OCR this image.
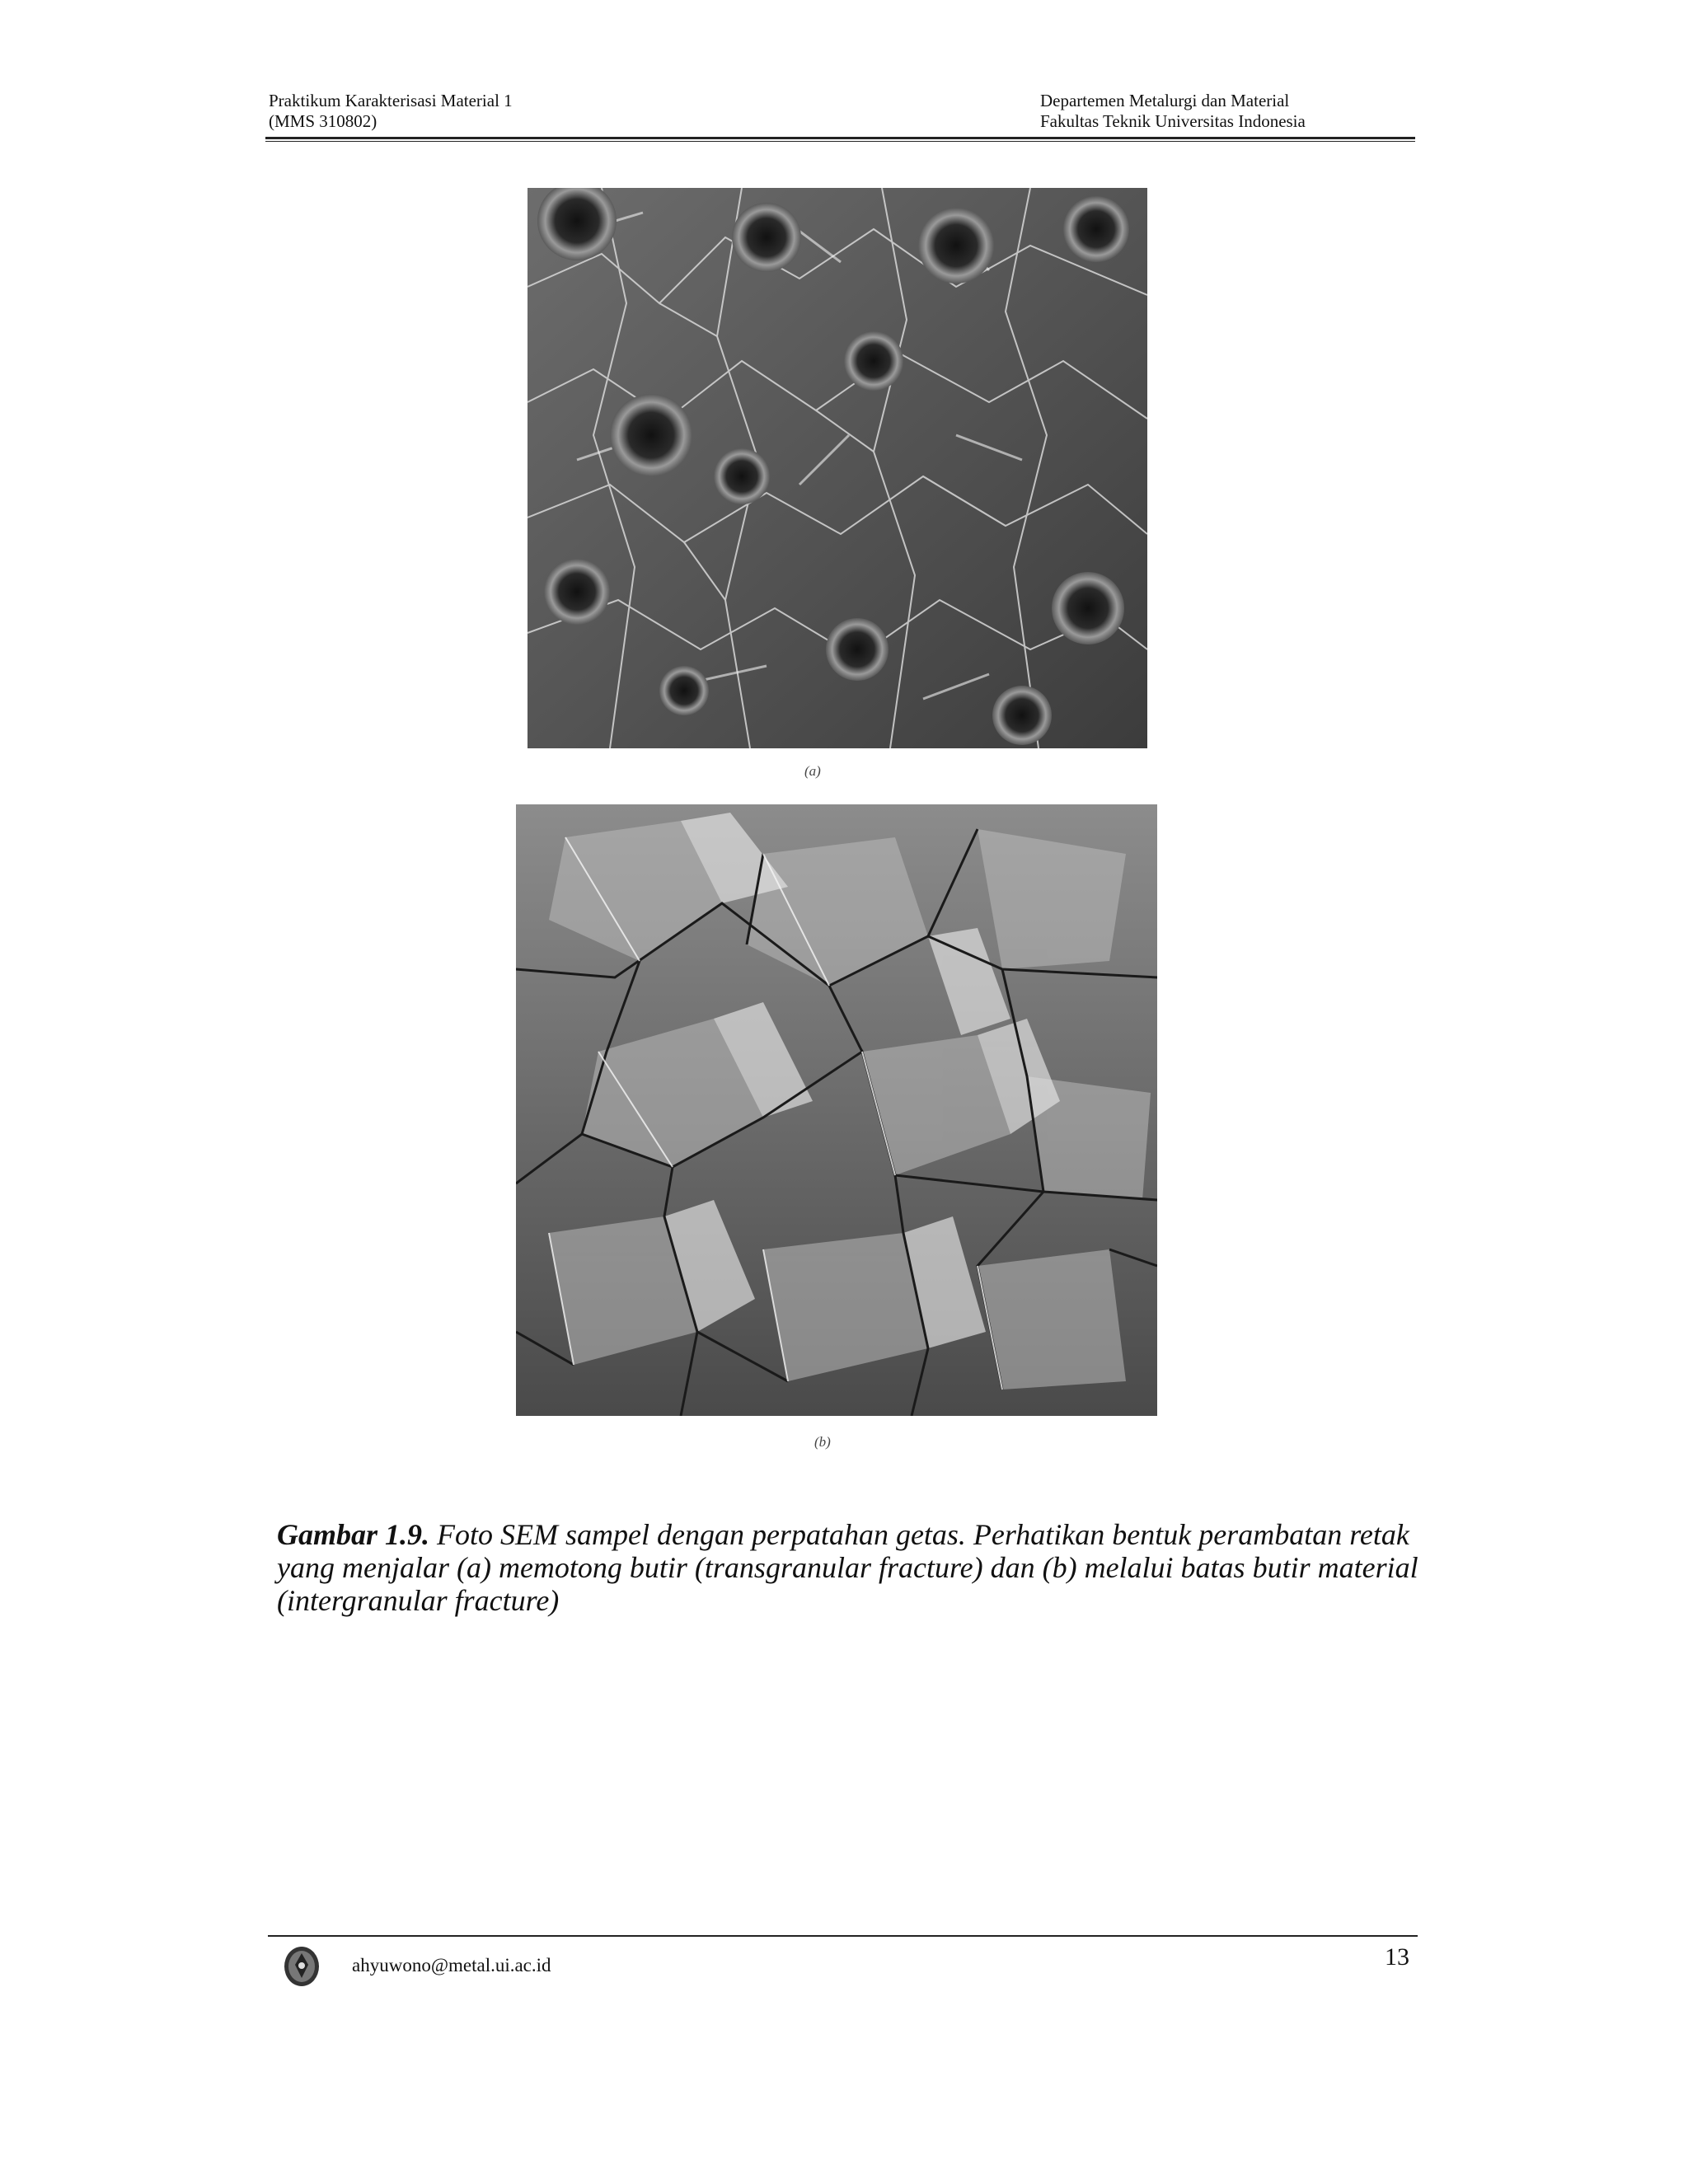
Praktikum Karakterisasi Material 1
(MMS 310802)
Departemen Metalurgi dan Material
Fakultas Teknik Universitas Indonesia
(a)
(b)
Gambar 1.9. Foto SEM sampel dengan perpatahan getas. Perhatikan bentuk perambatan retak yang menjalar (a) memotong butir (transgranular fracture) dan (b) melalui batas butir material (intergranular fracture)
ahyuwono@metal.ui.ac.id	13
